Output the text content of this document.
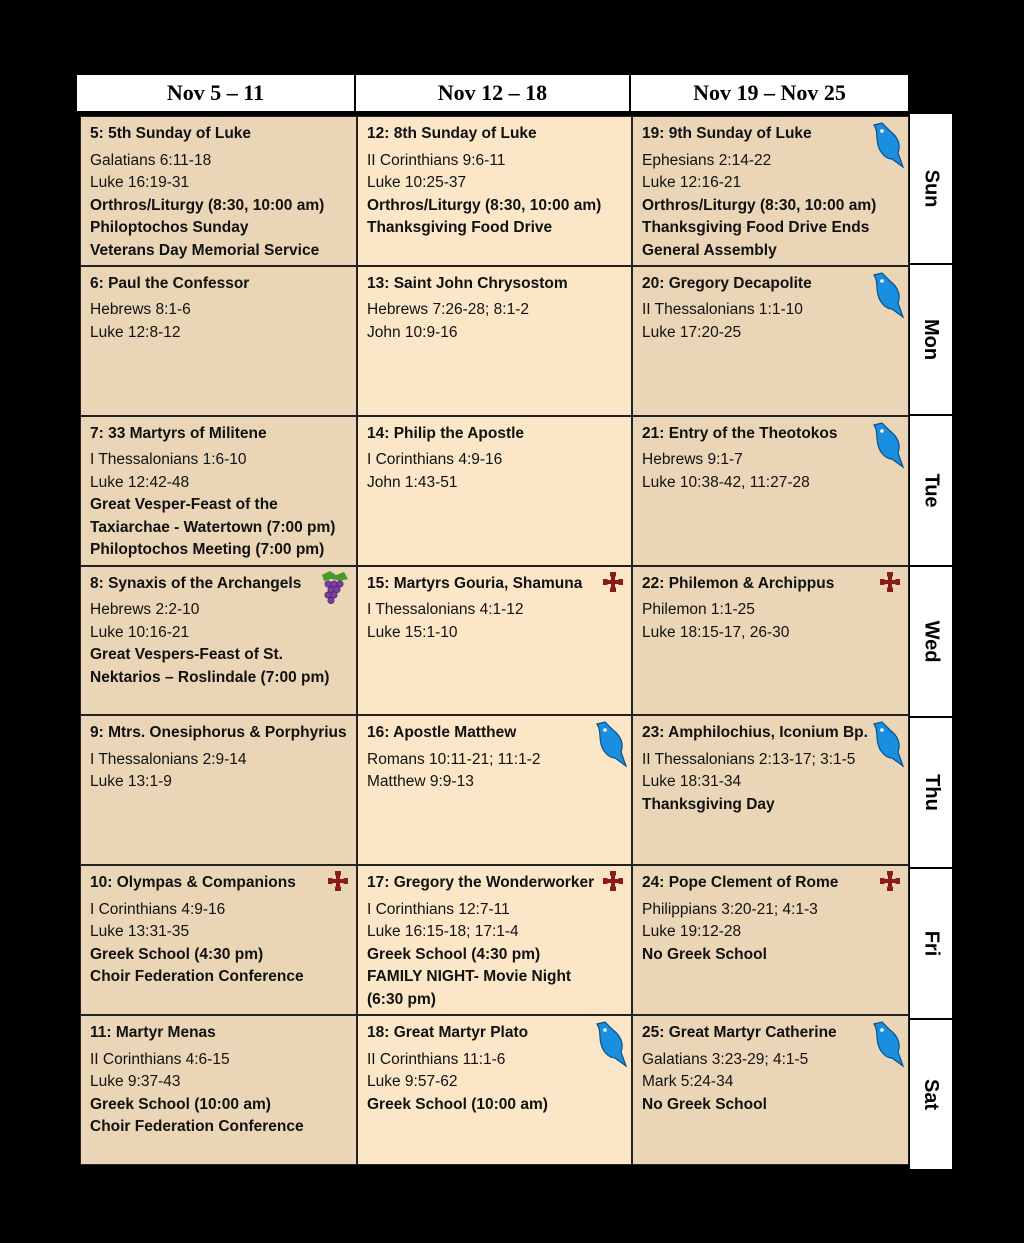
Nov 5 – 11	Nov 12 – 18	Nov 19 – Nov 25
5: 5th Sunday of Luke
Galatians 6:11-18
Luke 16:19-31
Orthros/Liturgy (8:30, 10:00 am)
Philoptochos Sunday
Veterans Day Memorial Service
12: 8th Sunday of Luke
II Corinthians 9:6-11
Luke 10:25-37
Orthros/Liturgy (8:30, 10:00 am)
Thanksgiving Food Drive
19: 9th Sunday of Luke
Ephesians 2:14-22
Luke 12:16-21
Orthros/Liturgy (8:30, 10:00 am)
Thanksgiving Food Drive Ends
General Assembly
6: Paul the Confessor
Hebrews 8:1-6
Luke 12:8-12
13: Saint John Chrysostom
Hebrews 7:26-28; 8:1-2
John 10:9-16
20: Gregory Decapolite
II Thessalonians 1:1-10
Luke 17:20-25
7: 33 Martyrs of Militene
I Thessalonians 1:6-10
Luke 12:42-48
Great Vesper-Feast of the
Taxiarchae - Watertown (7:00 pm)
Philoptochos Meeting (7:00 pm)
14: Philip the Apostle
I Corinthians 4:9-16
John 1:43-51
21: Entry of the Theotokos
Hebrews 9:1-7
Luke 10:38-42, 11:27-28
8: Synaxis of the Archangels
Hebrews 2:2-10
Luke 10:16-21
Great Vespers-Feast of St.
Nektarios – Roslindale (7:00 pm)
15: Martyrs Gouria, Shamuna
I Thessalonians 4:1-12
Luke 15:1-10
22: Philemon & Archippus
Philemon 1:1-25
Luke 18:15-17, 26-30
9: Mtrs. Onesiphorus & Porphyrius
I Thessalonians 2:9-14
Luke 13:1-9
16: Apostle Matthew
Romans 10:11-21; 11:1-2
Matthew 9:9-13
23: Amphilochius, Iconium Bp.
II Thessalonians 2:13-17; 3:1-5
Luke 18:31-34
Thanksgiving Day
10: Olympas & Companions
I Corinthians 4:9-16
Luke 13:31-35
Greek School (4:30 pm)
Choir Federation Conference
17: Gregory the Wonderworker
I Corinthians 12:7-11
Luke 16:15-18; 17:1-4
Greek School (4:30 pm)
FAMILY NIGHT- Movie Night
(6:30 pm)
24: Pope Clement of Rome
Philippians 3:20-21; 4:1-3
Luke 19:12-28
No Greek School
11: Martyr Menas
II Corinthians 4:6-15
Luke 9:37-43
Greek School (10:00 am)
Choir Federation Conference
18: Great Martyr Plato
II Corinthians 11:1-6
Luke 9:57-62
Greek School (10:00 am)
25: Great Martyr Catherine
Galatians 3:23-29; 4:1-5
Mark 5:24-34
No Greek School
Sun
Mon
Tue
Wed
Thu
Fri
Sat
